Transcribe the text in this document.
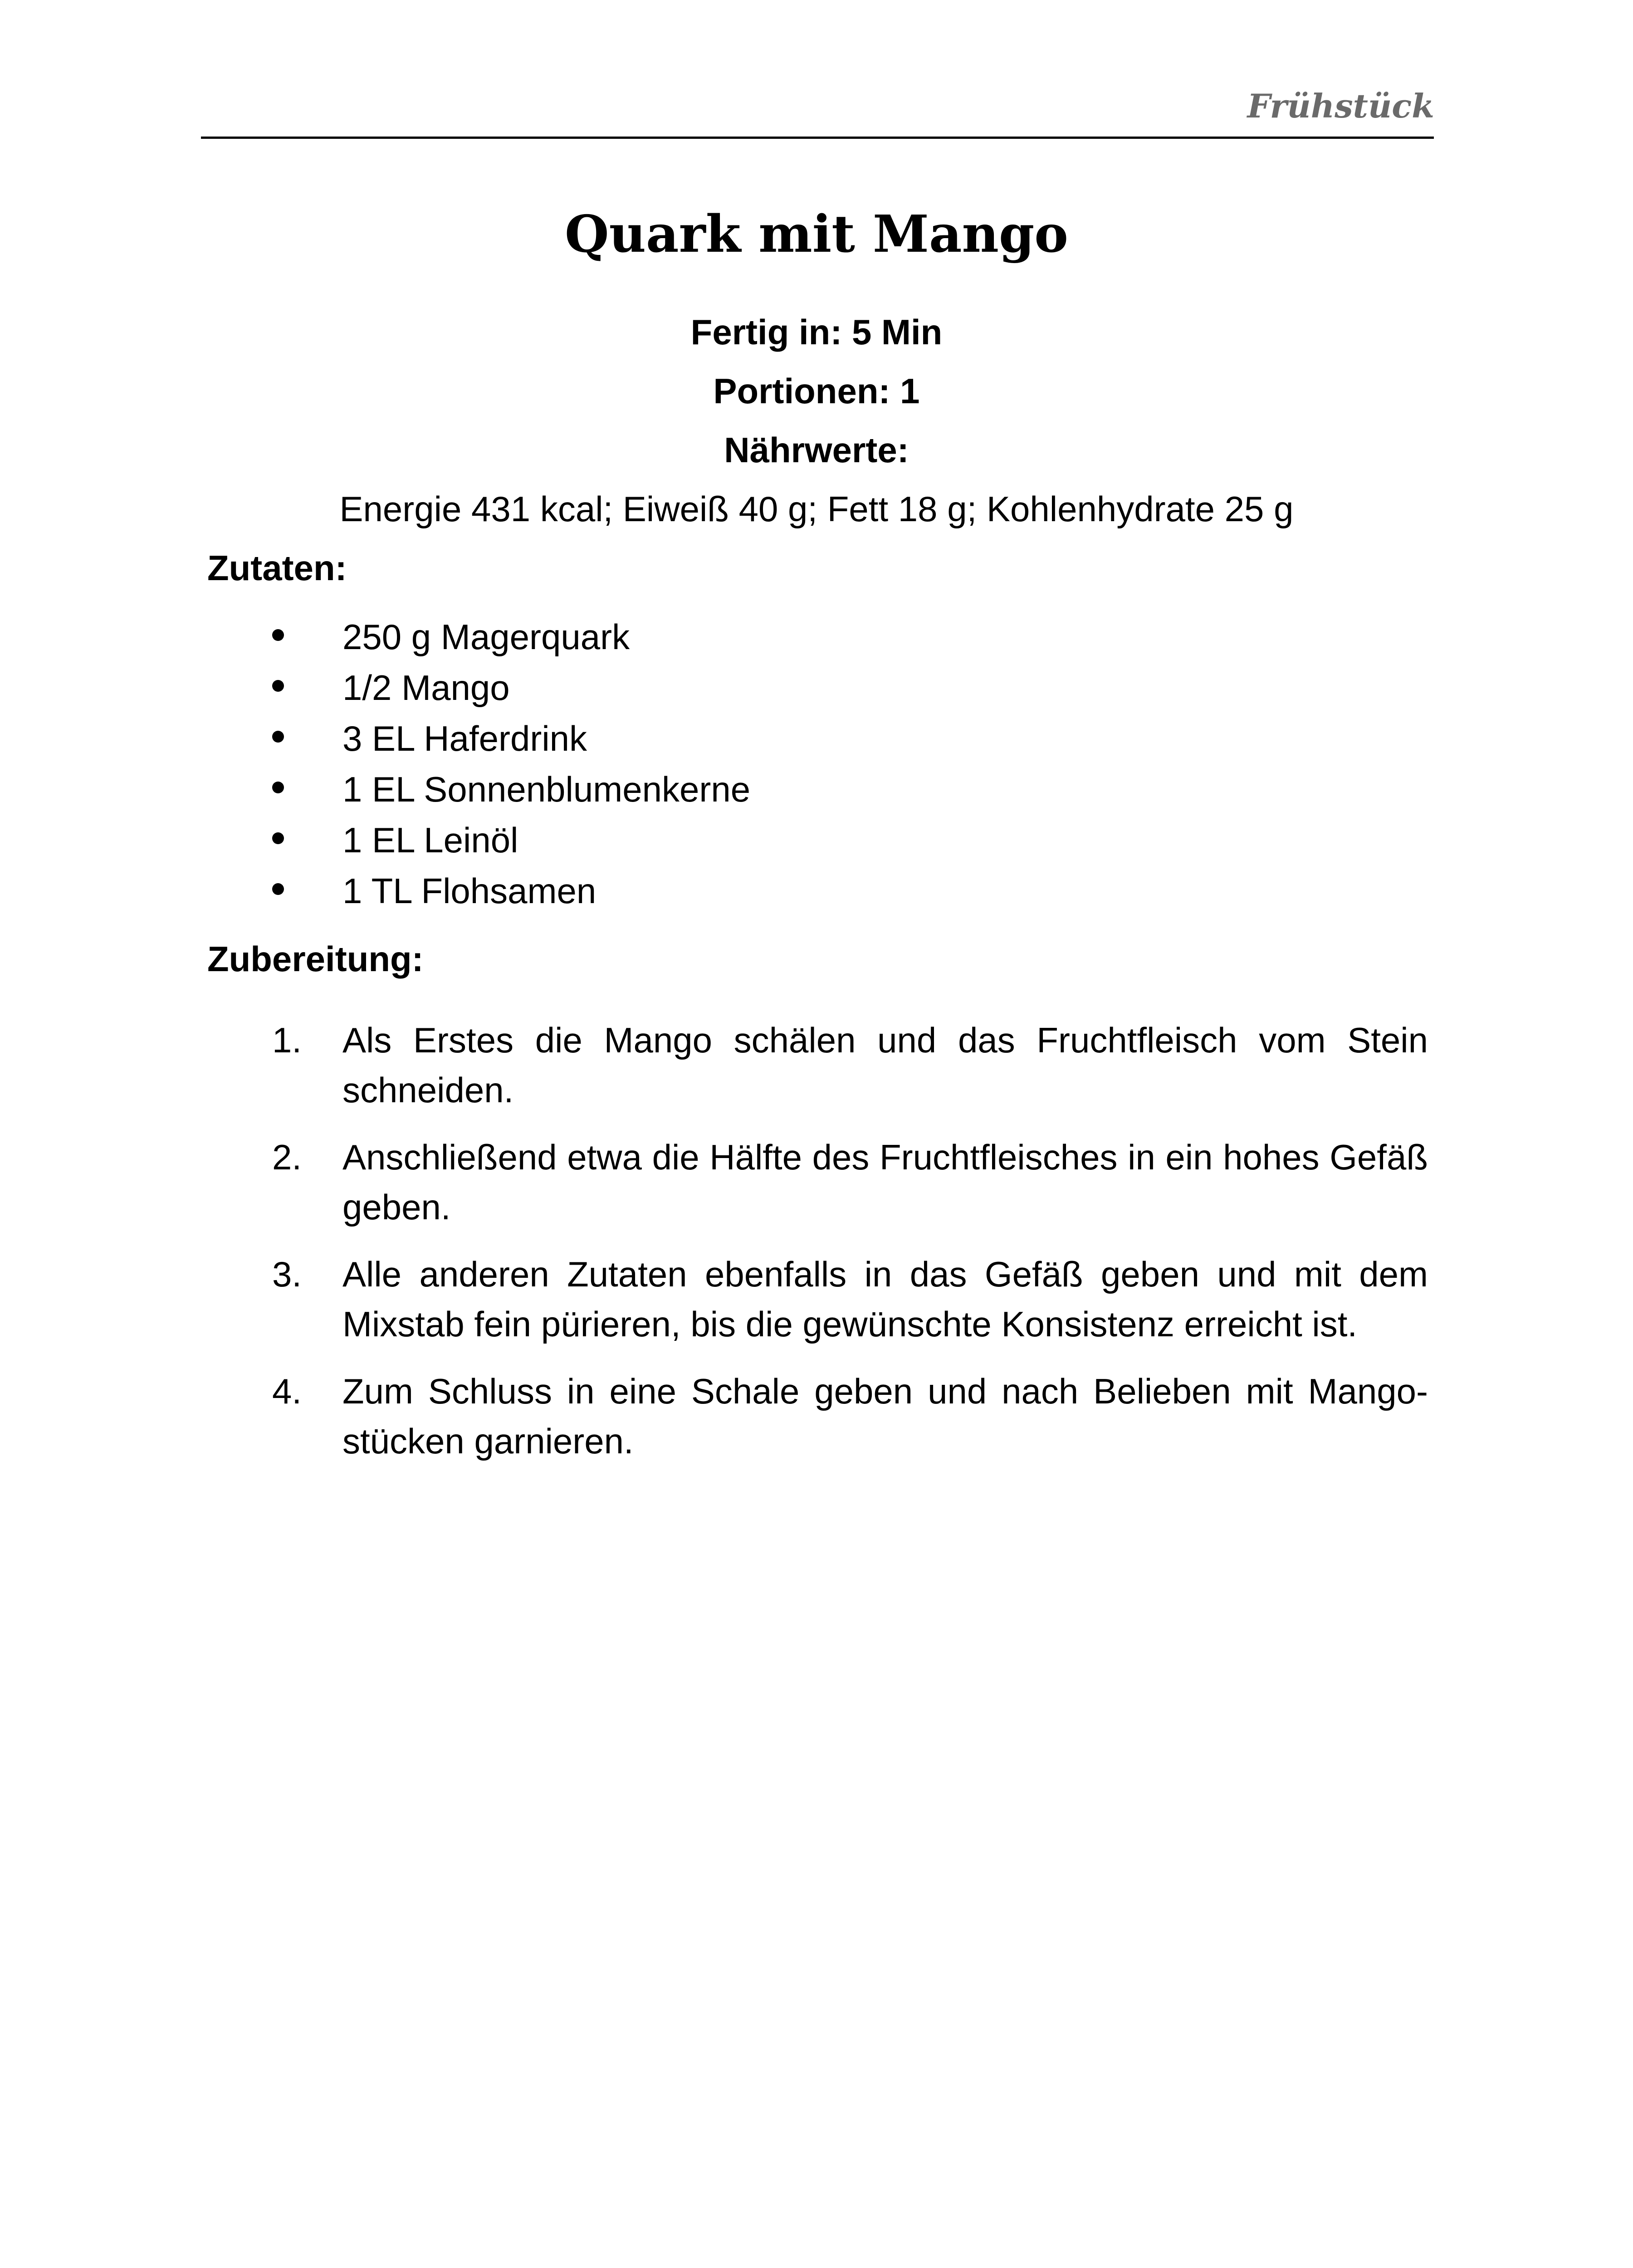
Frühstück
Quark mit Mango
Fertig in: 5 Min
Portionen: 1
Nährwerte:
Energie 431 kcal; Eiweiß 40 g; Fett 18 g; Kohlenhydrate 25 g
Zutaten:
250 g Magerquark
1/2 Mango
3 EL Haferdrink
1 EL Sonnenblumenkerne
1 EL Leinöl
1 TL Flohsamen
Zubereitung:
1. Als Erstes die Mango schälen und das Fruchtfleisch vom Stein schneiden.
2. Anschließend etwa die Hälfte des Fruchtfleisches in ein hohes Gefäß geben.
3. Alle anderen Zutaten ebenfalls in das Gefäß geben und mit dem Mixstab fein pürieren, bis die gewünschte Konsistenz erreicht ist.
4. Zum Schluss in eine Schale geben und nach Belieben mit Mango-stücken garnieren.
